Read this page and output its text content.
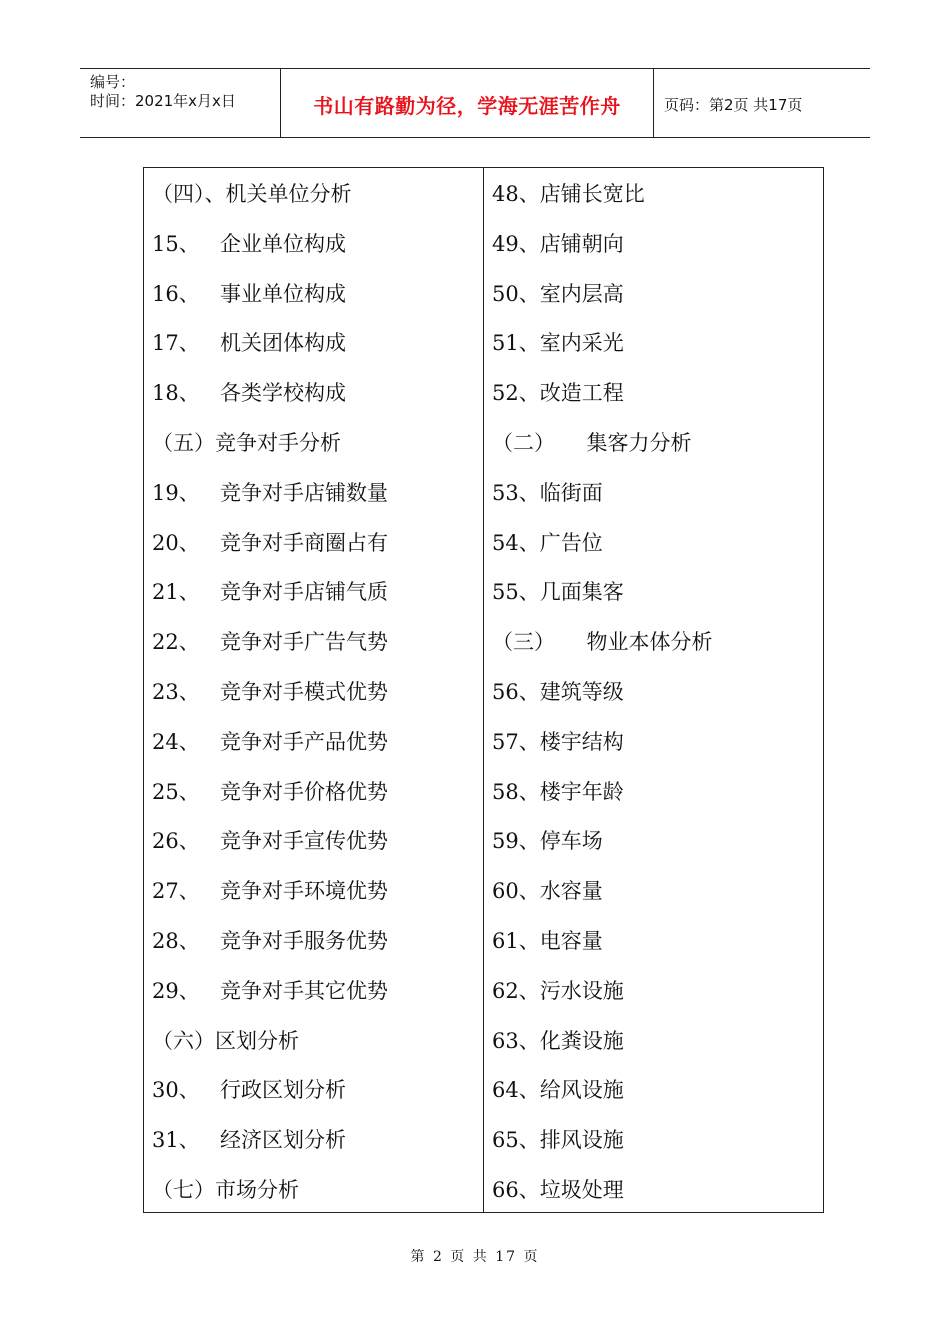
编号：
时间：2021年x月x日	书山有路勤为径，学海无涯苦作舟	页码：第2页 共17页
（四）、机关单位分析
15、 企业单位构成
16、 事业单位构成
17、 机关团体构成
18、 各类学校构成
（五）竞争对手分析
19、 竞争对手店铺数量
20、 竞争对手商圈占有
21、 竞争对手店铺气质
22、 竞争对手广告气势
23、 竞争对手模式优势
24、 竞争对手产品优势
25、 竞争对手价格优势
26、 竞争对手宣传优势
27、 竞争对手环境优势
28、 竞争对手服务优势
29、 竞争对手其它优势
（六）区划分析
30、 行政区划分析
31、 经济区划分析
（七）市场分析
48、店铺长宽比
49、店铺朝向
50、室内层高
51、室内采光
52、改造工程
（二）　　集客力分析
53、临街面
54、广告位
55、几面集客
（三）　　物业本体分析
56、建筑等级
57、楼宇结构
58、楼宇年龄
59、停车场
60、水容量
61、电容量
62、污水设施
63、化粪设施
64、给风设施
65、排风设施
66、垃圾处理
第 2 页 共 17 页
